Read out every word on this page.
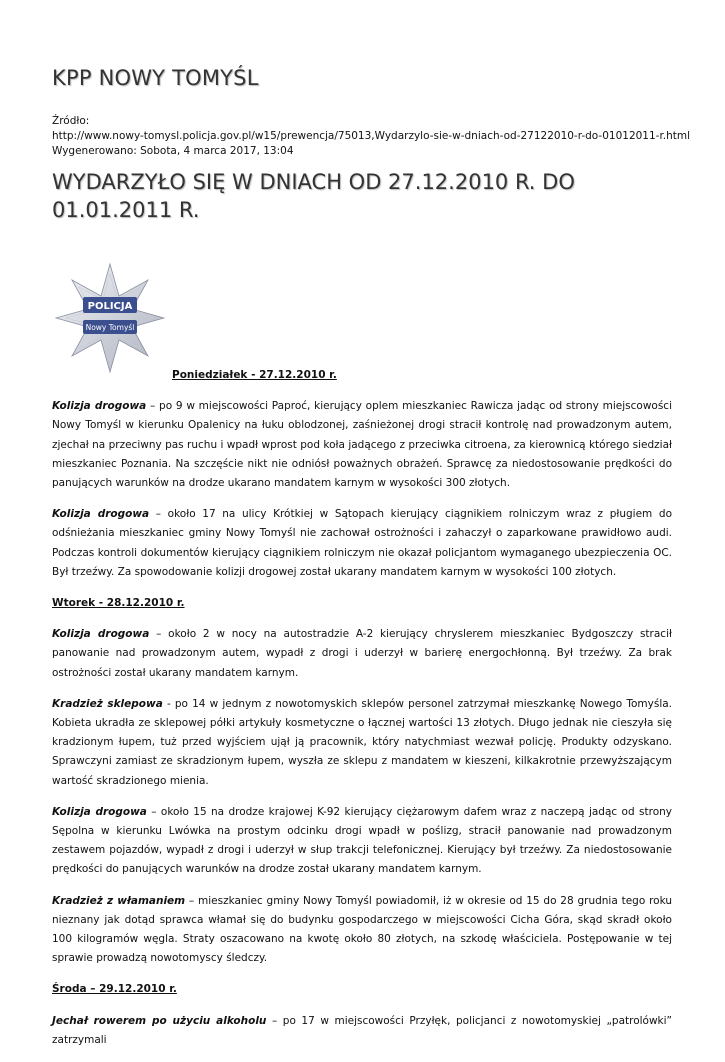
KPP NOWY TOMYŚL
Źródło:
http://www.nowy-tomysl.policja.gov.pl/w15/prewencja/75013,Wydarzylo-sie-w-dniach-od-27122010-r-do-01012011-r.html
Wygenerowano: Sobota, 4 marca 2017, 13:04
WYDARZYŁO SIĘ W DNIACH OD 27.12.2010 R. DO 01.01.2011 R.
POLICJA
Nowy Tomyśl

Poniedziałek - 27.12.2010 r.

Kolizja drogowa – po 9 w miejscowości Paproć, kierujący oplem mieszkaniec Rawicza jadąc od strony miejscowości Nowy Tomyśl w kierunku Opalenicy na łuku oblodzonej, zaśnieżonej drogi stracił kontrolę nad prowadzonym autem, zjechał na przeciwny pas ruchu i wpadł wprost pod koła jadącego z przeciwka citroena, za kierownicą którego siedział mieszkaniec Poznania. Na szczęście nikt nie odniósł poważnych obrażeń. Sprawcę za niedostosowanie prędkości do panujących warunków na drodze ukarano mandatem karnym w wysokości 300 złotych.

Kolizja drogowa – około 17 na ulicy Krótkiej w Sątopach kierujący ciągnikiem rolniczym wraz z pługiem do odśnieżania mieszkaniec gminy Nowy Tomyśl nie zachował ostrożności i zahaczył o zaparkowane prawidłowo audi. Podczas kontroli dokumentów kierujący ciągnikiem rolniczym nie okazał policjantom wymaganego ubezpieczenia OC. Był trzeźwy. Za spowodowanie kolizji drogowej został ukarany mandatem karnym w wysokości 100 złotych.

Wtorek - 28.12.2010 r.

Kolizja drogowa – około 2 w nocy na autostradzie A-2 kierujący chryslerem mieszkaniec Bydgoszczy stracił panowanie nad prowadzonym autem, wypadł z drogi i uderzył w barierę energochłonną. Był trzeźwy. Za brak ostrożności został ukarany mandatem karnym.

Kradzież sklepowa - po 14 w jednym z nowotomyskich sklepów personel zatrzymał mieszkankę Nowego Tomyśla. Kobieta ukradła ze sklepowej półki artykuły kosmetyczne o łącznej wartości 13 złotych. Długo jednak nie cieszyła się kradzionym łupem, tuż przed wyjściem ujął ją pracownik, który natychmiast wezwał policję. Produkty odzyskano. Sprawczyni zamiast ze skradzionym łupem, wyszła ze sklepu z mandatem w kieszeni, kilkakrotnie przewyższającym wartość skradzionego mienia.

Kolizja drogowa – około 15 na drodze krajowej K-92 kierujący ciężarowym dafem wraz z naczepą jadąc od strony Sępolna w kierunku Lwówka na prostym odcinku drogi wpadł w poślizg, stracił panowanie nad prowadzonym zestawem pojazdów, wypadł z drogi i uderzył w słup trakcji telefonicznej. Kierujący był trzeźwy. Za niedostosowanie prędkości do panujących warunków na drodze został ukarany mandatem karnym.

Kradzież z włamaniem – mieszkaniec gminy Nowy Tomyśl powiadomił, iż w okresie od 15 do 28 grudnia tego roku nieznany jak dotąd sprawca włamał się do budynku gospodarczego w miejscowości Cicha Góra, skąd skradł około 100 kilogramów węgla. Straty oszacowano na kwotę około 80 złotych, na szkodę właściciela. Postępowanie w tej sprawie prowadzą nowotomyscy śledczy.

Środa – 29.12.2010 r.

Jechał rowerem po użyciu alkoholu – po 17 w miejscowości Przyłęk, policjanci z nowotomyskiej „patrolówki” zatrzymali
